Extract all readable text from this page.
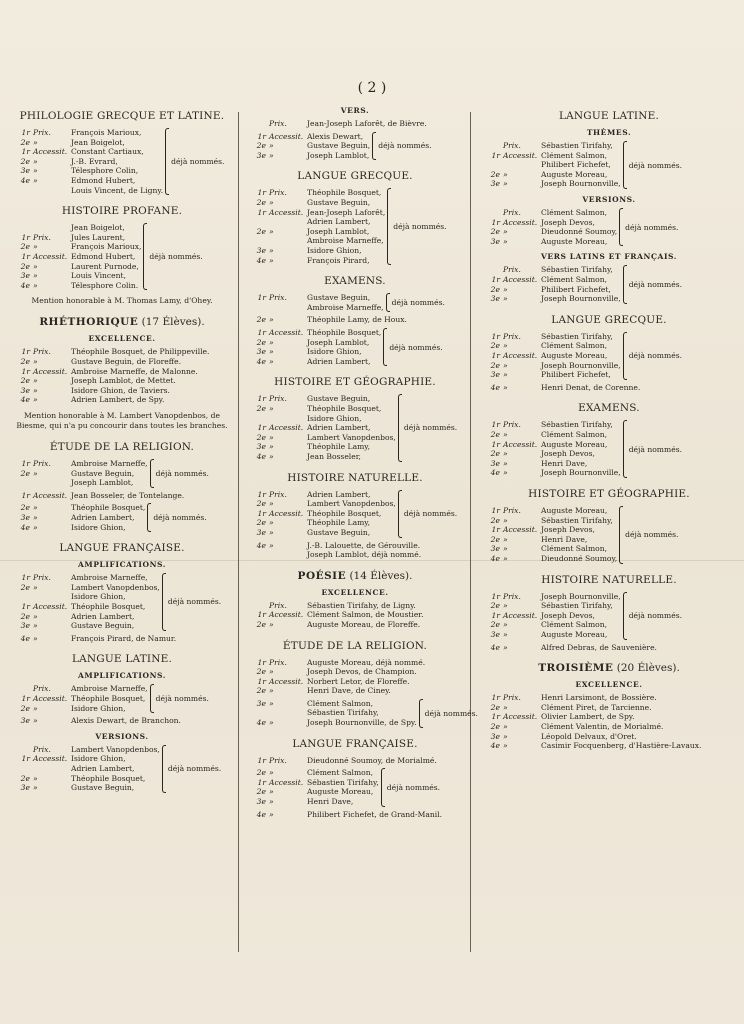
( 2 )
PHILOLOGIE GRECQUE ET LATINE.
1r Prix.	François Marioux,
2e »	Jean Boigelot,
1r Accessit. Constant Cartiaux,
2e »	J.-B. Evrard,
3e »	Télesphore Colin,
4e »	Edmond Hubert,
Louis Vincent, de Ligny.
déjà nommés.
HISTOIRE PROFANE.
Jean Boigelot,
1r Prix.	Jules Laurent,
2e »	François Marioux,
1r Accessit. Edmond Hubert,
2e »	Laurent Purnode,
3e »	Louis Vincent,
4e »	Télesphore Colin.
déjà nommés.
Mention honorable à M. Thomas Lamy, d'Ohey.
RHÉTHORIQUE (17 Élèves).
EXCELLENCE.
1r Prix.	Théophile Bosquet, de Philippeville.
2e »	Gustave Beguin, de Floreffe.
1r Accessit. Ambroise Marneffe, de Malonne.
2e »	Joseph Lamblot, de Mettet.
3e »	Isidore Ghion, de Taviers.
4e »	Adrien Lambert, de Spy.
Mention honorable à M. Lambert Vanopdenbos, de Biesme, qui n'a pu concourir dans toutes les branches.
ÉTUDE DE LA RELIGION.
1r Prix.	Ambroise Marneffe,
2e »	Gustave Beguin,
Joseph Lamblot,
déjà nommés.
1r Accessit. Jean Bosseler, de Tontelange.
2e »	Théophile Bosquet,
3e »	Adrien Lambert,
4e »	Isidore Ghion,
déjà nommés.
LANGUE FRANÇAISE.
AMPLIFICATIONS.
1r Prix.	Ambroise Marneffe,
2e »	Lambert Vanopdenbos,
Isidore Ghion,
1r Accessit. Théophile Bosquet,
2e »	Adrien Lambert,
3e »	Gustave Beguin,
déjà nommés.
4e »	François Pirard, de Namur.
LANGUE LATINE.
AMPLIFICATIONS.
Prix.	Ambroise Marneffe,
1r Accessit. Théophile Bosquet,
2e »	Isidore Ghion,
déjà nommés.
3e »	Alexis Dewart, de Branchon.
VERSIONS.
Prix.	Lambert Vanopdenbos,
1r Accessit. Isidore Ghion,
Adrien Lambert,
2e »	Théophile Bosquet,
3e »	Gustave Beguin,
déjà nommés.
VERS.
Prix.	Jean-Joseph Laforêt, de Bièvre.
1r Accessit. Alexis Dewart,
2e »	Gustave Beguin,
3e »	Joseph Lamblot,
déjà nommés.
LANGUE GRECQUE.
1r Prix.	Théophile Bosquet,
2e »	Gustave Beguin,
1r Accessit. Jean-Joseph Laforêt,
Adrien Lambert,
2e »	Joseph Lamblot,
Ambroise Marneffe,
3e »	Isidore Ghion,
4e »	François Pirard,
déjà nommés.
EXAMENS.
1r Prix.	Gustave Beguin,
Ambroise Marneffe, déjà nommés.
2e »	Théophile Lamy, de Houx.
1r Accessit. Théophile Bosquet,
2e »	Joseph Lamblot,
3e »	Isidore Ghion,
4e »	Adrien Lambert,
déjà nommés.
HISTOIRE ET GÉOGRAPHIE.
1r Prix.	Gustave Beguin,
2e »	Théophile Bosquet,
Isidore Ghion,
1r Accessit. Adrien Lambert,
2e »	Lambert Vanopdenbos,
3e »	Théophile Lamy,
4e »	Jean Bosseler,
déjà nommés.
HISTOIRE NATURELLE.
1r Prix.	Adrien Lambert,
2e »	Lambert Vanopdenbos,
1r Accessit. Théophile Bosquet,
2e »	Théophile Lamy,
3e »	Gustave Beguin,
déjà nommés.
4e »	J.-B. Lalouette, de Gérouville.
Joseph Lamblot, déjà nommé.
POÉSIE (14 Élèves).
EXCELLENCE.
Prix.	Sébastien Tirifahy, de Ligny.
1r Accessit. Clément Salmon, de Moustier.
2e »	Auguste Moreau, de Floreffe.
ÉTUDE DE LA RELIGION.
1r Prix.	Auguste Moreau, déjà nommé.
2e »	Joseph Devos, de Champion.
1r Accessit. Norbert Letor, de Floreffe.
2e »	Henri Dave, de Ciney.
3e »	Clément Salmon,
Sébastien Tirifahy,
4e »	Joseph Bournonville, de Spy.
déjà nommés.
LANGUE FRANÇAISE.
1r Prix.	Dieudonné Soumoy, de Morialmé.
2e »	Clément Salmon,
1r Accessit. Sébastien Tirifahy,
2e »	Auguste Moreau,
3e »	Henri Dave,
déjà nommés.
4e »	Philibert Fichefet, de Grand-Manil.
LANGUE LATINE.
THÈMES.
Prix.	Sébastien Tirifahy,
1r Accessit. Clément Salmon,
Philibert Fichefet,
2e »	Auguste Moreau,
3e »	Joseph Bournonville,
déjà nommés.
VERSIONS.
Prix.	Clément Salmon,
1r Accessit. Joseph Devos,
2e »	Dieudonné Soumoy,
3e »	Auguste Moreau,
déjà nommés.
VERS LATINS ET FRANÇAIS.
Prix.	Sébastien Tirifahy,
1r Accessit. Clément Salmon,
2e »	Philibert Fichefet,
3e »	Joseph Bournonville,
déjà nommés.
LANGUE GRECQUE.
1r Prix.	Sébastien Tirifahy,
2e »	Clément Salmon,
1r Accessit. Auguste Moreau,
2e »	Joseph Bournonville,
3e »	Philibert Fichefet,
déjà nommés.
4e »	Henri Denat, de Corenne.
EXAMENS.
1r Prix.	Sébastien Tirifahy,
2e »	Clément Salmon,
1r Accessit. Auguste Moreau,
2e »	Joseph Devos,
3e »	Henri Dave,
4e »	Joseph Bournonville,
déjà nommés.
HISTOIRE ET GÉOGRAPHIE.
1r Prix.	Auguste Moreau,
2e »	Sébastien Tirifahy,
1r Accessit. Joseph Devos,
2e »	Henri Dave,
3e »	Clément Salmon,
4e »	Dieudonné Soumoy,
déjà nommés.
HISTOIRE NATURELLE.
1r Prix.	Joseph Bournonville,
2e »	Sébastien Tirifahy,
1r Accessit. Joseph Devos,
2e »	Clément Salmon,
3e »	Auguste Moreau,
déjà nommés.
4e »	Alfred Debras, de Sauvenière.
TROISIÈME (20 Élèves).
EXCELLENCE.
1r Prix.	Henri Larsimont, de Bossière.
2e »	Clément Piret, de Tarcienne.
1r Accessit. Olivier Lambert, de Spy.
2e »	Clément Valentin, de Morialmé.
3e »	Léopold Delvaux, d'Oret.
4e »	Casimir Focquenberg, d'Hastière-Lavaux.
